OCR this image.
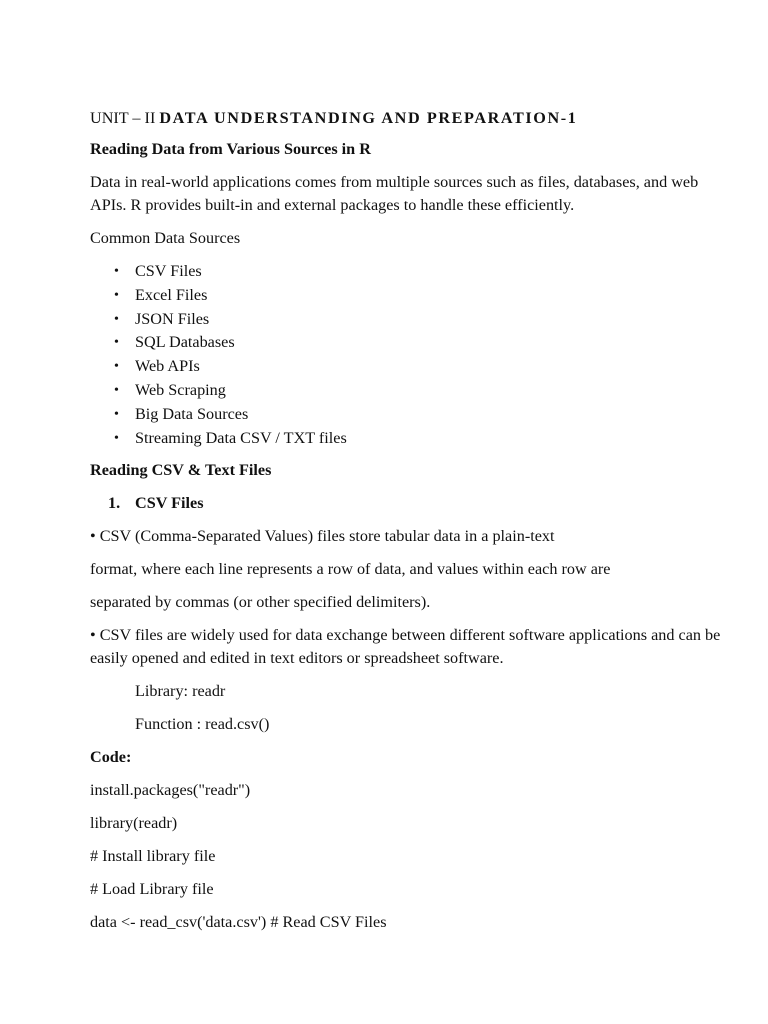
UNIT – II DATA UNDERSTANDING AND PREPARATION-1
Reading Data from Various Sources in R
Data in real-world applications comes from multiple sources such as files, databases, and web APIs. R provides built-in and external packages to handle these efficiently.
Common Data Sources
• CSV Files
• Excel Files
• JSON Files
• SQL Databases
• Web APIs
• Web Scraping
• Big Data Sources
• Streaming Data CSV / TXT files
Reading CSV & Text Files
1. CSV Files
• CSV (Comma-Separated Values) files store tabular data in a plain-text
format, where each line represents a row of data, and values within each row are
separated by commas (or other specified delimiters).
• CSV files are widely used for data exchange between different software applications and can be easily opened and edited in text editors or spreadsheet software.
Library: readr
Function : read.csv()
Code:
install.packages("readr")
library(readr)
# Install library file
# Load Library file
data <- read_csv('data.csv') # Read CSV Files
